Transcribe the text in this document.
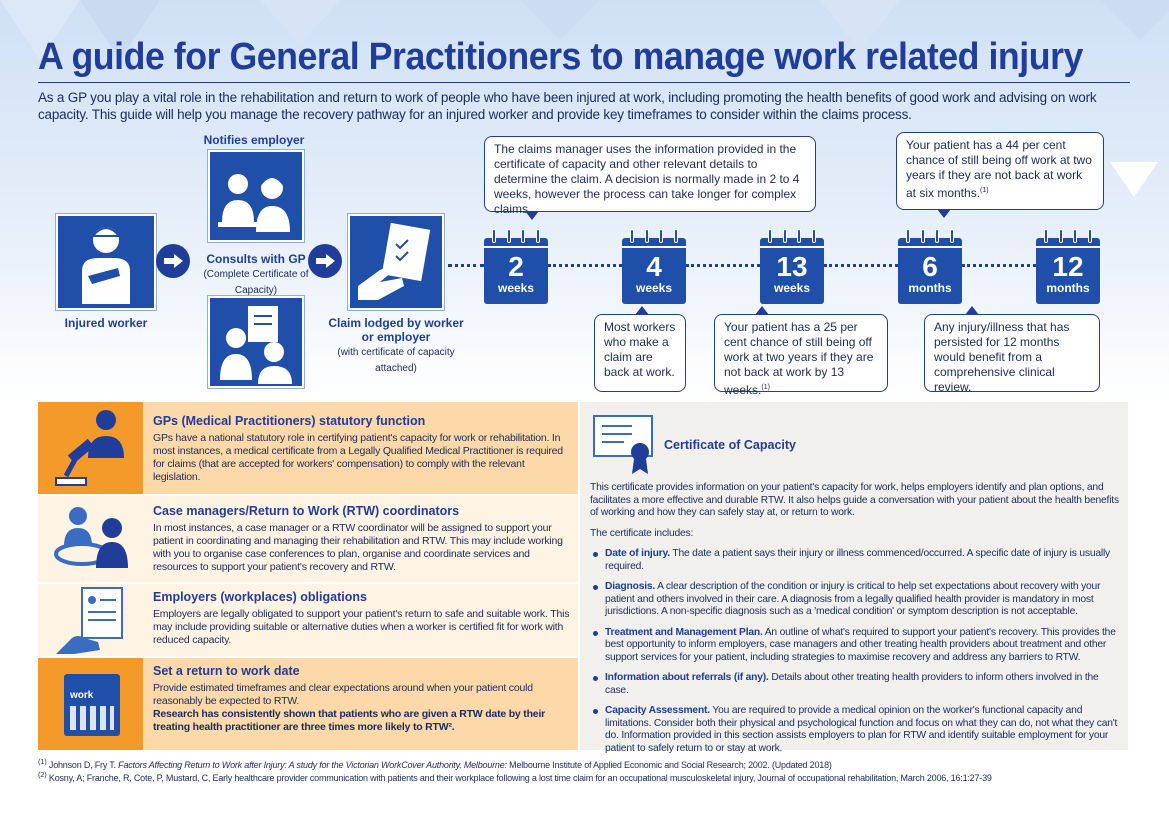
A guide for General Practitioners to manage work related injury
As a GP you play a vital role in the rehabilitation and return to work of people who have been injured at work, including promoting the health benefits of good work and advising on work capacity. This guide will help you manage the recovery pathway for an injured worker and provide key timeframes to consider within the claims process.
Injured worker
Notifies employer
Consults with GP
(Complete Certificate of Capacity)
Claim lodged by worker or employer
(with certificate of capacity attached)
2
weeks
4
weeks
13
weeks
6
months
12
months
The claims manager uses the information provided in the certificate of capacity and other relevant details to determine the claim. A decision is normally made in 2 to 4 weeks, however the process can take longer for complex claims.
Your patient has a 44 per cent chance of still being off work at two years if they are not back at work at six months.$^{(1)}$
Most workers who make a claim are back at work.
Your patient has a 25 per cent chance of still being off work at two years if they are not back at work by 13 weeks.$^{(1)}$
Any injury/illness that has persisted for 12 months would benefit from a comprehensive clinical review.
GPs (Medical Practitioners) statutory function

GPs have a national statutory role in certifying patient's capacity for work or rehabilitation. In most instances, a medical certificate from a Legally Qualified Medical Practitioner is required for claims (that are accepted for workers' compensation) to comply with the relevant legislation.

Case managers/Return to Work (RTW) coordinators

In most instances, a case manager or a RTW coordinator will be assigned to support your patient in coordinating and managing their rehabilitation and RTW. This may include working with you to organise case conferences to plan, organise and coordinate services and resources to support your patient's recovery and RTW.

Employers (workplaces) obligations

Employers are legally obligated to support your patient's return to safe and suitable work. This may include providing suitable or alternative duties when a worker is certified fit for work with reduced capacity.

work
Set a return to work date

Provide estimated timeframes and clear expectations around when your patient could reasonably be expected to RTW.

Research has consistently shown that patients who are given a RTW date by their treating health practitioner are three times more likely to RTW².

Certificate of Capacity

This certificate provides information on your patient's capacity for work, helps employers identify and plan options, and facilitates a more effective and durable RTW. It also helps guide a conversation with your patient about the health benefits of working and how they can safely stay at, or return to work.

The certificate includes:

Date of injury. The date a patient says their injury or illness commenced/occurred. A specific date of injury is usually required.
Diagnosis. A clear description of the condition or injury is critical to help set expectations about recovery with your patient and others involved in their care. A diagnosis from a legally qualified health provider is mandatory in most jurisdictions. A non-specific diagnosis such as a 'medical condition' or symptom description is not acceptable.
Treatment and Management Plan. An outline of what's required to support your patient's recovery. This provides the best opportunity to inform employers, case managers and other treating health providers about treatment and other support services for your patient, including strategies to maximise recovery and address any barriers to RTW.
Information about referrals (if any). Details about other treating health providers to inform others involved in the case.
Capacity Assessment. You are required to provide a medical opinion on the worker's functional capacity and limitations. Consider both their physical and psychological function and focus on what they can do, not what they can't do. Information provided in this section assists employers to plan for RTW and identify suitable employment for your patient to safely return to or stay at work.
$^{(1)}$ Johnson D, Fry T. Factors Affecting Return to Work after Injury: A study for the Victorian WorkCover Authority. Melbourne: Melbourne Institute of Applied Economic and Social Research; 2002. (Updated 2018)
$^{(2)}$ Kosny, A; Franche, R, Cote, P, Mustard, C, Early healthcare provider communication with patients and their workplace following a lost time claim for an occupational musculoskeletal injury, Journal of occupational rehabilitation, March 2006, 16:1:27-39
